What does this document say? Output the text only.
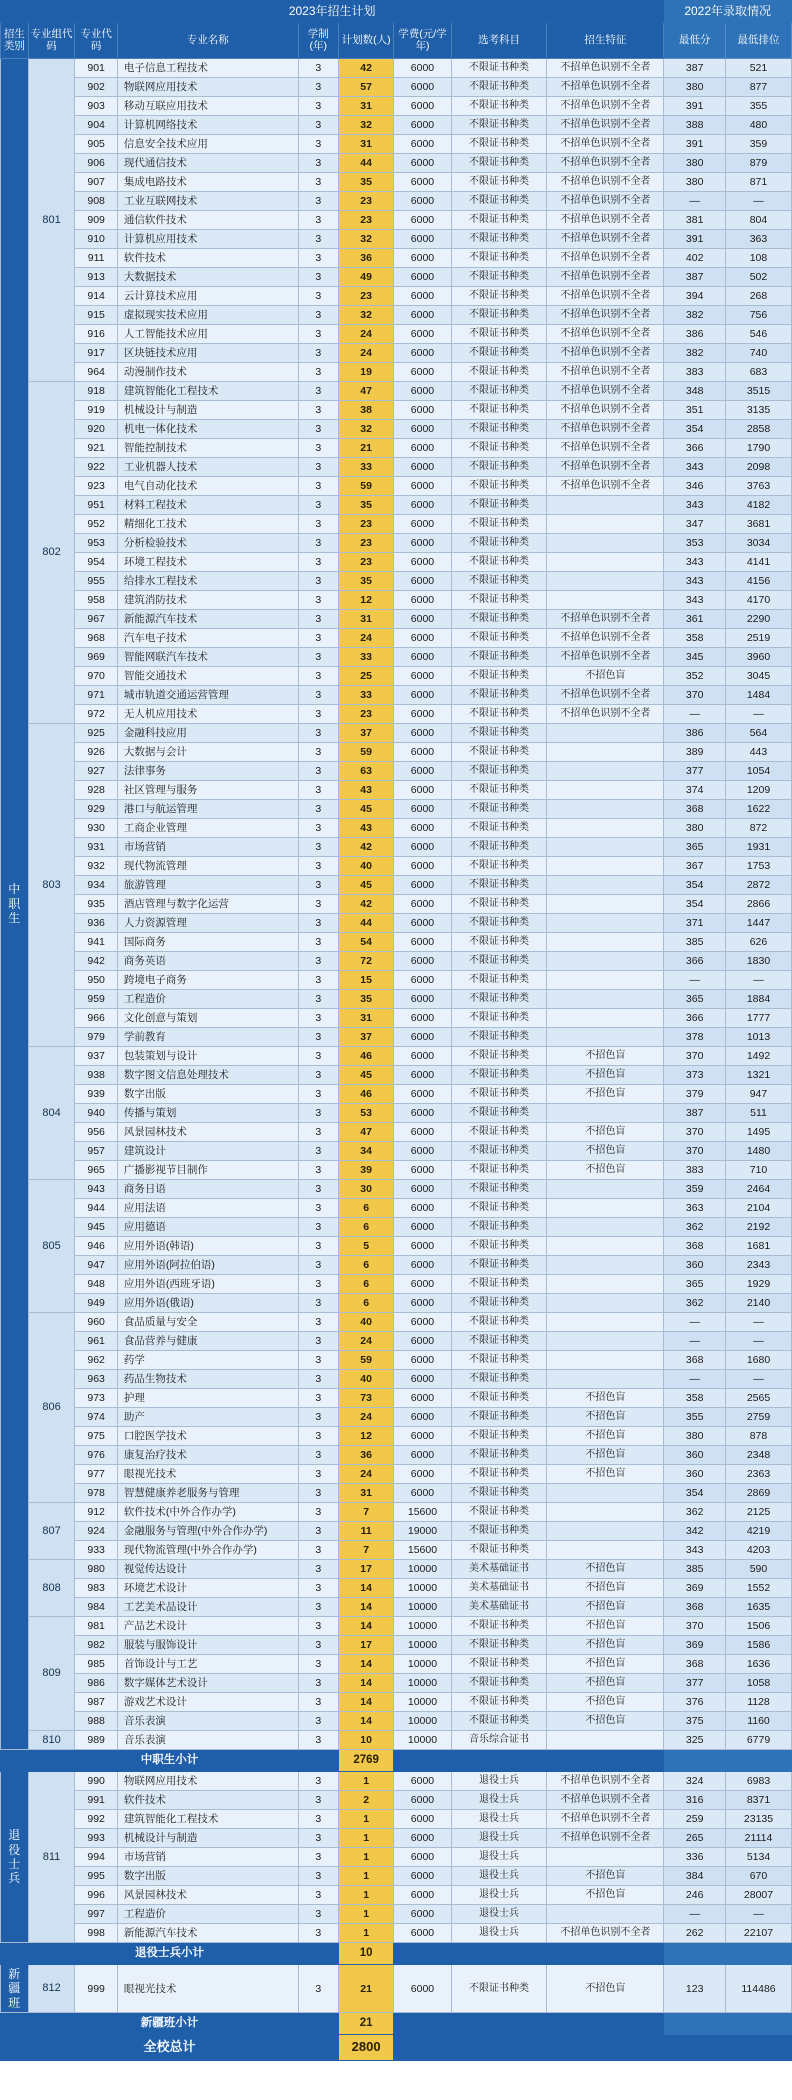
2023年招生计划									2022年录取情况	
招生类别	专业组代码	专业代码	专业名称	学制(年)	计划数(人)	学费(元/学年)	选考科目	招生特征	最低分	最低排位
中职生	801	901	电子信息工程技术	3	42	6000	不限证书种类	不招单色识别不全者	387	521
		902	物联网应用技术	3	57	6000	不限证书种类	不招单色识别不全者	380	877
		903	移动互联应用技术	3	31	6000	不限证书种类	不招单色识别不全者	391	355
		904	计算机网络技术	3	32	6000	不限证书种类	不招单色识别不全者	388	480
		905	信息安全技术应用	3	31	6000	不限证书种类	不招单色识别不全者	391	359
		906	现代通信技术	3	44	6000	不限证书种类	不招单色识别不全者	380	879
		907	集成电路技术	3	35	6000	不限证书种类	不招单色识别不全者	380	871
		908	工业互联网技术	3	23	6000	不限证书种类	不招单色识别不全者	—	—
		909	通信软件技术	3	23	6000	不限证书种类	不招单色识别不全者	381	804
		910	计算机应用技术	3	32	6000	不限证书种类	不招单色识别不全者	391	363
		911	软件技术	3	36	6000	不限证书种类	不招单色识别不全者	402	108
		913	大数据技术	3	49	6000	不限证书种类	不招单色识别不全者	387	502
		914	云计算技术应用	3	23	6000	不限证书种类	不招单色识别不全者	394	268
		915	虚拟现实技术应用	3	32	6000	不限证书种类	不招单色识别不全者	382	756
		916	人工智能技术应用	3	24	6000	不限证书种类	不招单色识别不全者	386	546
		917	区块链技术应用	3	24	6000	不限证书种类	不招单色识别不全者	382	740
		964	动漫制作技术	3	19	6000	不限证书种类	不招单色识别不全者	383	683
	802	918	建筑智能化工程技术	3	47	6000	不限证书种类	不招单色识别不全者	348	3515
		919	机械设计与制造	3	38	6000	不限证书种类	不招单色识别不全者	351	3135
		920	机电一体化技术	3	32	6000	不限证书种类	不招单色识别不全者	354	2858
		921	智能控制技术	3	21	6000	不限证书种类	不招单色识别不全者	366	1790
		922	工业机器人技术	3	33	6000	不限证书种类	不招单色识别不全者	343	2098
		923	电气自动化技术	3	59	6000	不限证书种类	不招单色识别不全者	346	3763
		951	材料工程技术	3	35	6000	不限证书种类		343	4182
		952	精细化工技术	3	23	6000	不限证书种类		347	3681
		953	分析检验技术	3	23	6000	不限证书种类		353	3034
		954	环境工程技术	3	23	6000	不限证书种类		343	4141
		955	给排水工程技术	3	35	6000	不限证书种类		343	4156
		958	建筑消防技术	3	12	6000	不限证书种类		343	4170
		967	新能源汽车技术	3	31	6000	不限证书种类	不招单色识别不全者	361	2290
		968	汽车电子技术	3	24	6000	不限证书种类	不招单色识别不全者	358	2519
		969	智能网联汽车技术	3	33	6000	不限证书种类	不招单色识别不全者	345	3960
		970	智能交通技术	3	25	6000	不限证书种类	不招色盲	352	3045
		971	城市轨道交通运营管理	3	33	6000	不限证书种类	不招单色识别不全者	370	1484
		972	无人机应用技术	3	23	6000	不限证书种类	不招单色识别不全者	—	—
	803	925	金融科技应用	3	37	6000	不限证书种类		386	564
		926	大数据与会计	3	59	6000	不限证书种类		389	443
		927	法律事务	3	63	6000	不限证书种类		377	1054
		928	社区管理与服务	3	43	6000	不限证书种类		374	1209
		929	港口与航运管理	3	45	6000	不限证书种类		368	1622
		930	工商企业管理	3	43	6000	不限证书种类		380	872
		931	市场营销	3	42	6000	不限证书种类		365	1931
		932	现代物流管理	3	40	6000	不限证书种类		367	1753
		934	旅游管理	3	45	6000	不限证书种类		354	2872
		935	酒店管理与数字化运营	3	42	6000	不限证书种类		354	2866
		936	人力资源管理	3	44	6000	不限证书种类		371	1447
		941	国际商务	3	54	6000	不限证书种类		385	626
		942	商务英语	3	72	6000	不限证书种类		366	1830
		950	跨境电子商务	3	15	6000	不限证书种类		—	—
		959	工程造价	3	35	6000	不限证书种类		365	1884
		966	文化创意与策划	3	31	6000	不限证书种类		366	1777
		979	学前教育	3	37	6000	不限证书种类		378	1013
	804	937	包装策划与设计	3	46	6000	不限证书种类	不招色盲	370	1492
		938	数字图文信息处理技术	3	45	6000	不限证书种类	不招色盲	373	1321
		939	数字出版	3	46	6000	不限证书种类	不招色盲	379	947
		940	传播与策划	3	53	6000	不限证书种类		387	511
		956	风景园林技术	3	47	6000	不限证书种类	不招色盲	370	1495
		957	建筑设计	3	34	6000	不限证书种类	不招色盲	370	1480
		965	广播影视节目制作	3	39	6000	不限证书种类	不招色盲	383	710
	805	943	商务日语	3	30	6000	不限证书种类		359	2464
		944	应用法语	3	6	6000	不限证书种类		363	2104
		945	应用德语	3	6	6000	不限证书种类		362	2192
		946	应用外语(韩语)	3	5	6000	不限证书种类		368	1681
		947	应用外语(阿拉伯语)	3	6	6000	不限证书种类		360	2343
		948	应用外语(西班牙语)	3	6	6000	不限证书种类		365	1929
		949	应用外语(俄语)	3	6	6000	不限证书种类		362	2140
	806	960	食品质量与安全	3	40	6000	不限证书种类		—	—
		961	食品营养与健康	3	24	6000	不限证书种类		—	—
		962	药学	3	59	6000	不限证书种类		368	1680
		963	药品生物技术	3	40	6000	不限证书种类		—	—
		973	护理	3	73	6000	不限证书种类	不招色盲	358	2565
		974	助产	3	24	6000	不限证书种类	不招色盲	355	2759
		975	口腔医学技术	3	12	6000	不限证书种类	不招色盲	380	878
		976	康复治疗技术	3	36	6000	不限证书种类	不招色盲	360	2348
		977	眼视光技术	3	24	6000	不限证书种类	不招色盲	360	2363
		978	智慧健康养老服务与管理	3	31	6000	不限证书种类		354	2869
	807	912	软件技术(中外合作办学)	3	7	15600	不限证书种类		362	2125
		924	金融服务与管理(中外合作办学)	3	11	19000	不限证书种类		342	4219
		933	现代物流管理(中外合作办学)	3	7	15600	不限证书种类		343	4203
	808	980	视觉传达设计	3	17	10000	美术基础证书	不招色盲	385	590
		983	环境艺术设计	3	14	10000	美术基础证书	不招色盲	369	1552
		984	工艺美术品设计	3	14	10000	美术基础证书	不招色盲	368	1635
	809	981	产品艺术设计	3	14	10000	不限证书种类	不招色盲	370	1506
		982	服装与服饰设计	3	17	10000	不限证书种类	不招色盲	369	1586
		985	首饰设计与工艺	3	14	10000	不限证书种类	不招色盲	368	1636
		986	数字媒体艺术设计	3	14	10000	不限证书种类	不招色盲	377	1058
		987	游戏艺术设计	3	14	10000	不限证书种类	不招色盲	376	1128
		988	音乐表演	3	14	10000	不限证书种类	不招色盲	375	1160
	810	989	音乐表演	3	10	10000	音乐综合证书		325	6779
中职生小计					2769					
退役士兵	811	990	物联网应用技术	3	1	6000	退役士兵	不招单色识别不全者	324	6983
		991	软件技术	3	2	6000	退役士兵	不招单色识别不全者	316	8371
		992	建筑智能化工程技术	3	1	6000	退役士兵	不招单色识别不全者	259	23135
		993	机械设计与制造	3	1	6000	退役士兵	不招单色识别不全者	265	21114
		994	市场营销	3	1	6000	退役士兵		336	5134
		995	数字出版	3	1	6000	退役士兵	不招色盲	384	670
		996	风景园林技术	3	1	6000	退役士兵	不招色盲	246	28007
		997	工程造价	3	1	6000	退役士兵		—	—
		998	新能源汽车技术	3	1	6000	退役士兵	不招单色识别不全者	262	22107
退役士兵小计					10					
新疆班	812	999	眼视光技术	3	21	6000	不限证书种类	不招色盲	123	114486
新疆班小计					21					
全校总计					2800					
